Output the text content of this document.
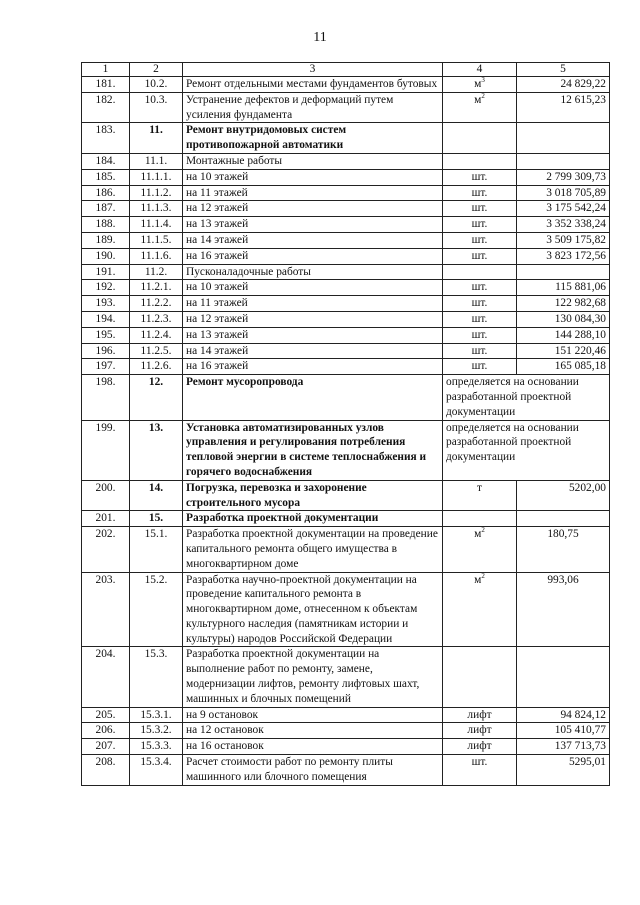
11
1	2	3	4	5
181.	10.2.	Ремонт отдельными местами фундаментов бутовых	$м^3$	24 829,22
182.	10.3.	Устранение дефектов и деформаций путем усиления фундамента	$м^2$	12 615,23
183.	11.	Ремонт внутридомовых систем противопожарной автоматики		
184.	11.1.	Монтажные работы		
185.	11.1.1.	на 10 этажей	шт.	2 799 309,73
186.	11.1.2.	на 11 этажей	шт.	3 018 705,89
187.	11.1.3.	на 12 этажей	шт.	3 175 542,24
188.	11.1.4.	на 13 этажей	шт.	3 352 338,24
189.	11.1.5.	на 14 этажей	шт.	3 509 175,82
190.	11.1.6.	на 16 этажей	шт.	3 823 172,56
191.	11.2.	Пусконаладочные работы		
192.	11.2.1.	на 10 этажей	шт.	115 881,06
193.	11.2.2.	на 11 этажей	шт.	122 982,68
194.	11.2.3.	на 12 этажей	шт.	130 084,30
195.	11.2.4.	на 13 этажей	шт.	144 288,10
196.	11.2.5.	на 14 этажей	шт.	151 220,46
197.	11.2.6.	на 16 этажей	шт.	165 085,18
198.	12.	Ремонт мусоропровода	определяется на основании разработанной проектной документации	
199.	13.	Установка автоматизированных узлов управления и регулирования потребления тепловой энергии в системе теплоснабжения и горячего водоснабжения	определяется на основании разработанной проектной документации	
200.	14.	Погрузка, перевозка и захоронение строительного мусора	т	5202,00
201.	15.	Разработка проектной документации		
202.	15.1.	Разработка проектной документации на проведение капитального ремонта общего имущества в многоквартирном доме	$м^2$	180,75
203.	15.2.	Разработка научно-проектной документации на проведение капитального ремонта в многоквартирном доме, отнесенном к объектам культурного наследия (памятникам истории и культуры) народов Российской Федерации	$м^2$	993,06
204.	15.3.	Разработка проектной документации на выполнение работ по ремонту, замене, модернизации лифтов, ремонту лифтовых шахт, машинных и блочных помещений		
205.	15.3.1.	на 9 остановок	лифт	94 824,12
206.	15.3.2.	на 12 остановок	лифт	105 410,77
207.	15.3.3.	на 16 остановок	лифт	137 713,73
208.	15.3.4.	Расчет стоимости работ по ремонту плиты машинного или блочного помещения	шт.	5295,01
